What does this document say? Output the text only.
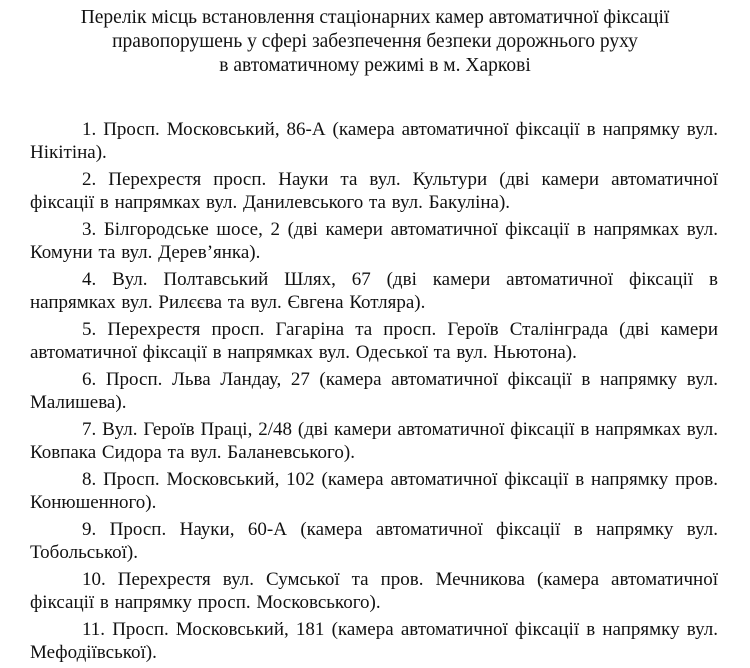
Перелік місць встановлення стаціонарних камер автоматичної фіксації
правопорушень у сфері забезпечення безпеки дорожнього руху
в автоматичному режимі в м. Харкові

1. Просп. Московський, 86-А (камера автоматичної фіксації в напрямку вул. Нікітіна).

2. Перехрестя просп. Науки та вул. Культури (дві камери автоматичної фіксації в напрямках вул. Данилевського та вул. Бакуліна).

3. Білгородське шосе, 2 (дві камери автоматичної фіксації в напрямках вул. Комуни та вул. Дерев’янка).

4. Вул. Полтавський Шлях, 67 (дві камери автоматичної фіксації в напрямках вул. Рилєєва та вул. Євгена Котляра).

5. Перехрестя просп. Гагаріна та просп. Героїв Сталінграда (дві камери автоматичної фіксації в напрямках вул. Одеської та вул. Ньютона).

6. Просп. Льва Ландау, 27 (камера автоматичної фіксації в напрямку вул. Малишева).

7. Вул. Героїв Праці, 2/48 (дві камери автоматичної фіксації в напрямках вул. Ковпака Сидора та вул. Баланевського).

8. Просп. Московський, 102 (камера автоматичної фіксації в напрямку пров. Конюшенного).

9. Просп. Науки, 60-А (камера автоматичної фіксації в напрямку вул. Тобольської).

10. Перехрестя вул. Сумської та пров. Мечникова (камера автоматичної фіксації в напрямку просп. Московського).

11. Просп. Московський, 181 (камера автоматичної фіксації в напрямку вул. Мефодіївської).
